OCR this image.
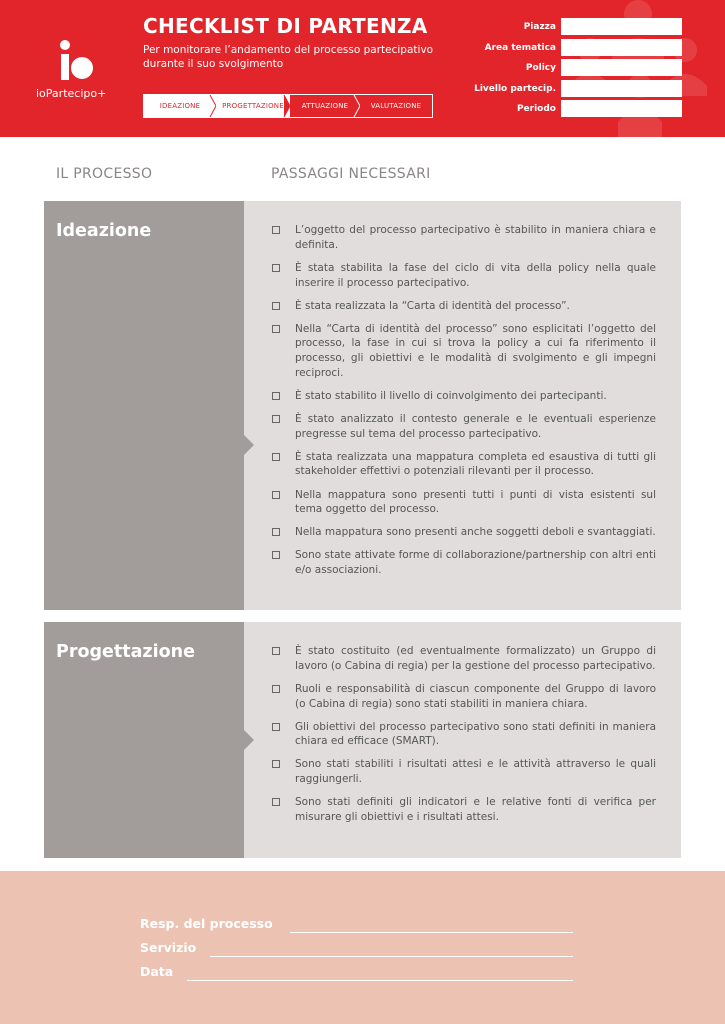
ioPartecipo+
CHECKLIST DI PARTENZA
Per monitorare l’andamento del processo partecipativo durante il suo svolgimento
IDEAZIONE	PROGETTAZIONE	ATTUAZIONE	VALUTAZIONE
Piazza
Area tematica
Policy
Livello partecip.
Periodo
IL PROCESSO	PASSAGGI NECESSARI
Ideazione	L’oggetto del processo partecipativo è stabilito in maniera chiara e definita.
È stata stabilita la fase del ciclo di vita della policy nella quale inserire il processo partecipativo.
È stata realizzata la “Carta di identità del processo”.
Nella “Carta di identità del processo” sono esplicitati l’oggetto del processo, la fase in cui si trova la policy a cui fa riferimento il processo, gli obiettivi e le modalità di svolgimento e gli impegni reciproci.
È stato stabilito il livello di coinvolgimento dei partecipanti.
È stato analizzato il contesto generale e le eventuali esperienze pregresse sul tema del processo partecipativo.
È stata realizzata una mappatura completa ed esaustiva di tutti gli stakeholder effettivi o potenziali rilevanti per il processo.
Nella mappatura sono presenti tutti i punti di vista esistenti sul tema oggetto del processo.
Nella mappatura sono presenti anche soggetti deboli e svantaggiati.
Sono state attivate forme di collaborazione/partnership con altri enti e/o associazioni.
Progettazione	È stato costituito (ed eventualmente formalizzato) un Gruppo di lavoro (o Cabina di regia) per la gestione del processo partecipativo.
Ruoli e responsabilità di ciascun componente del Gruppo di lavoro (o Cabina di regia) sono stati stabiliti in maniera chiara.
Gli obiettivi del processo partecipativo sono stati definiti in maniera chiara ed efficace (SMART).
Sono stati stabiliti i risultati attesi e le attività attraverso le quali raggiungerli.
Sono stati definiti gli indicatori e le relative fonti di verifica per misurare gli obiettivi e i risultati attesi.
Resp. del processo
Servizio
Data
